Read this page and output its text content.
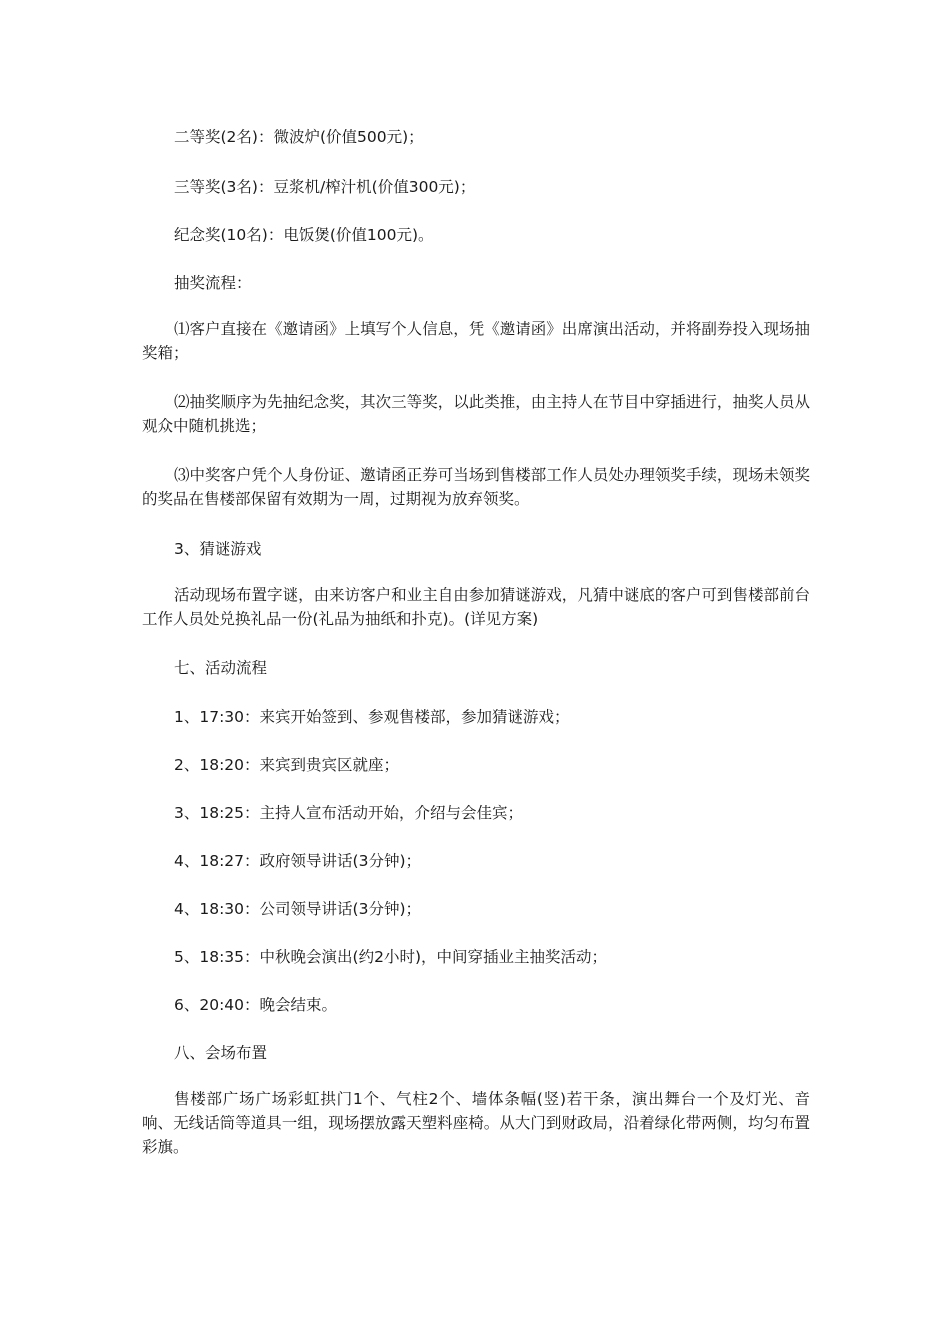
二等奖(2名)：微波炉(价值500元)；

三等奖(3名)：豆浆机/榨汁机(价值300元)；

纪念奖(10名)：电饭煲(价值100元)。

抽奖流程：

⑴客户直接在《邀请函》上填写个人信息，凭《邀请函》出席演出活动，并将副券投入现场抽奖箱；

⑵抽奖顺序为先抽纪念奖，其次三等奖，以此类推，由主持人在节目中穿插进行，抽奖人员从观众中随机挑选；

⑶中奖客户凭个人身份证、邀请函正券可当场到售楼部工作人员处办理领奖手续，现场未领奖的奖品在售楼部保留有效期为一周，过期视为放弃领奖。

3、猜谜游戏

活动现场布置字谜，由来访客户和业主自由参加猜谜游戏，凡猜中谜底的客户可到售楼部前台工作人员处兑换礼品一份(礼品为抽纸和扑克)。(详见方案)

七、活动流程

1、17:30：来宾开始签到、参观售楼部，参加猜谜游戏；

2、18:20：来宾到贵宾区就座；

3、18:25：主持人宣布活动开始，介绍与会佳宾；

4、18:27：政府领导讲话(3分钟)；

4、18:30：公司领导讲话(3分钟)；

5、18:35：中秋晚会演出(约2小时)，中间穿插业主抽奖活动；

6、20:40：晚会结束。

八、会场布置

售楼部广场广场彩虹拱门1个、气柱2个、墙体条幅(竖)若干条，演出舞台一个及灯光、音响、无线话筒等道具一组，现场摆放露天塑料座椅。从大门到财政局，沿着绿化带两侧，均匀布置彩旗。
